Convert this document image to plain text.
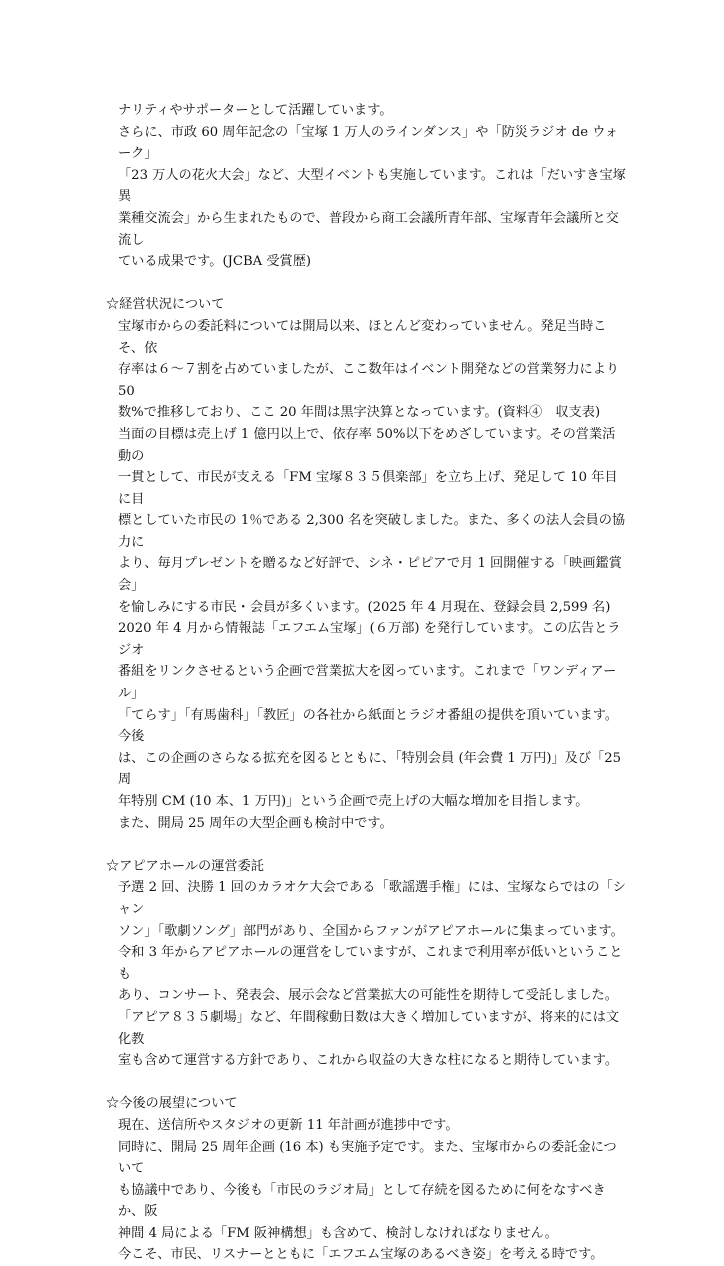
ナリティやサポーターとして活躍しています。

さらに、市政 60 周年記念の「宝塚 1 万人のラインダンス」や「防災ラジオ de ウォーク」
「23 万人の花火大会」など、大型イベントも実施しています。これは「だいすき宝塚異
業種交流会」から生まれたもので、普段から商工会議所青年部、宝塚青年会議所と交流し
ている成果です。(JCBA 受賞歴)

☆経営状況について

宝塚市からの委託料については開局以来、ほとんど変わっていません。発足当時こそ、依
存率は６～７割を占めていましたが、ここ数年はイベント開発などの営業努力により 50
数%で推移しており、ここ 20 年間は黒字決算となっています。(資料④　収支表)

当面の目標は売上げ 1 億円以上で、依存率 50%以下をめざしています。その営業活動の
一貫として、市民が支える「FM 宝塚８３５倶楽部」を立ち上げ、発足して 10 年目に目
標としていた市民の 1％である 2,300 名を突破しました。また、多くの法人会員の協力に
より、毎月プレゼントを贈るなど好評で、シネ・ピピアで月 1 回開催する「映画鑑賞会」
を愉しみにする市民・会員が多くいます。(2025 年 4 月現在、登録会員 2,599 名)

2020 年 4 月から情報誌「エフエム宝塚」(６万部) を発行しています。この広告とラジオ
番組をリンクさせるという企画で営業拡大を図っています。これまで「ワンディアール」
「てらす」「有馬歯科」「教匠」の各社から紙面とラジオ番組の提供を頂いています。今後
は、この企画のさらなる拡充を図るとともに、「特別会員 (年会費 1 万円)」及び「25 周
年特別 CM (10 本、1 万円)」という企画で売上げの大幅な増加を目指します。

また、開局 25 周年の大型企画も検討中です。

☆アピアホールの運営委託

予選 2 回、決勝 1 回のカラオケ大会である「歌謡選手権」には、宝塚ならではの「シャン
ソン」「歌劇ソング」部門があり、全国からファンがアピアホールに集まっています。

令和 3 年からアピアホールの運営をしていますが、これまで利用率が低いということも
あり、コンサート、発表会、展示会など営業拡大の可能性を期待して受託しました。

「アピア８３５劇場」など、年間稼動日数は大きく増加していますが、将来的には文化教
室も含めて運営する方針であり、これから収益の大きな柱になると期待しています。

☆今後の展望について

現在、送信所やスタジオの更新 11 年計画が進捗中です。

同時に、開局 25 周年企画 (16 本) も実施予定です。また、宝塚市からの委託金について
も協議中であり、今後も「市民のラジオ局」として存続を図るために何をなすべきか、阪
神間 4 局による「FM 阪神構想」も含めて、検討しなければなりません。

今こそ、市民、リスナーとともに「エフエム宝塚のあるべき姿」を考える時です。
